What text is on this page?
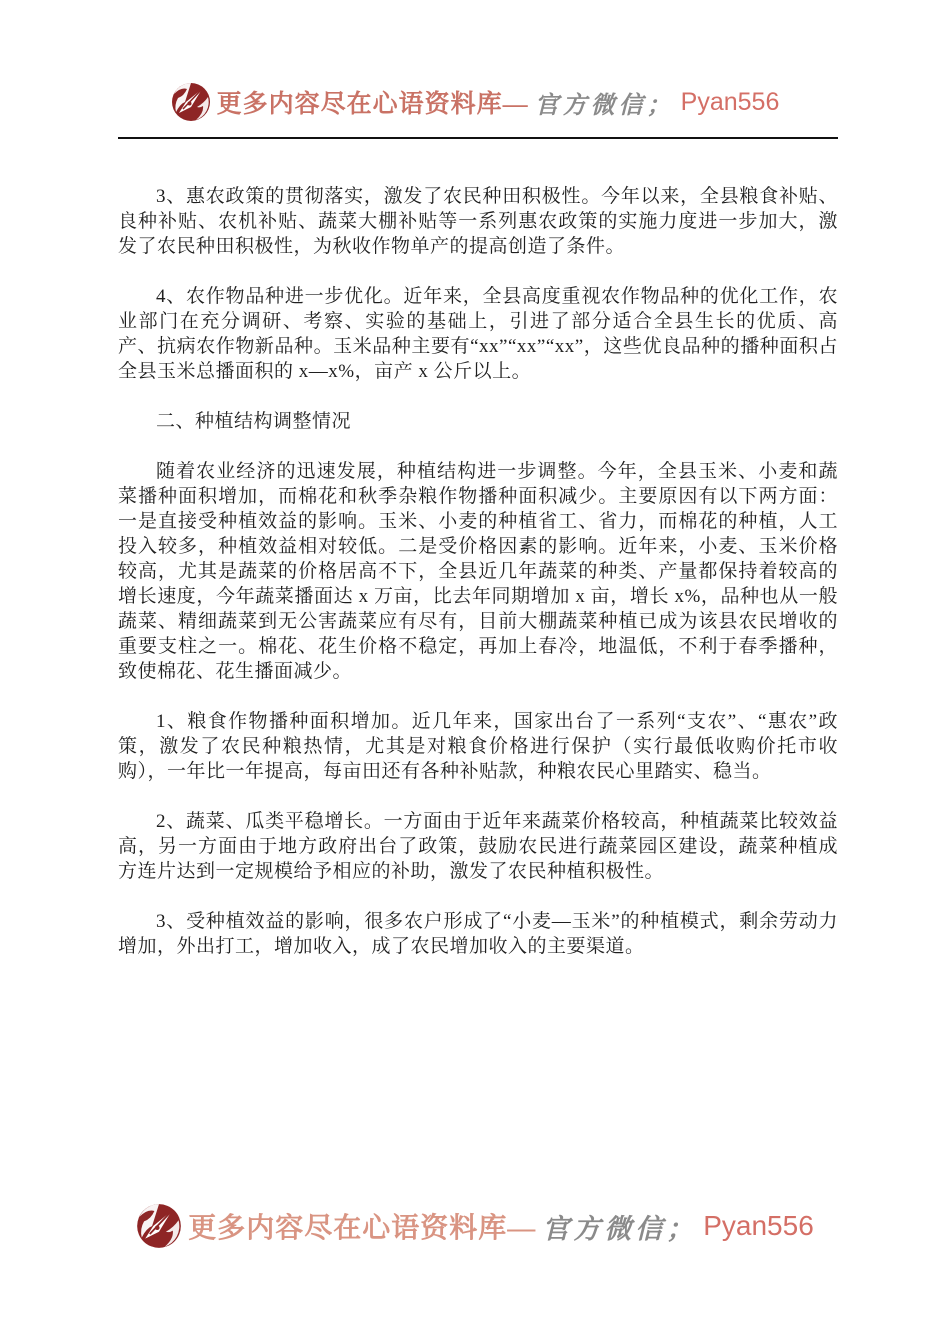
更多内容尽在心语资料库— 官方微信； Pyan556

3、惠农政策的贯彻落实，激发了农民种田积极性。今年以来，全县粮食补贴、良种补贴、农机补贴、蔬菜大棚补贴等一系列惠农政策的实施力度进一步加大，激发了农民种田积极性，为秋收作物单产的提高创造了条件。

4、农作物品种进一步优化。近年来，全县高度重视农作物品种的优化工作，农业部门在充分调研、考察、实验的基础上，引进了部分适合全县生长的优质、高产、抗病农作物新品种。玉米品种主要有“xx”“xx”“xx”，这些优良品种的播种面积占全县玉米总播面积的 x—x%，亩产 x 公斤以上。

二、种植结构调整情况

随着农业经济的迅速发展，种植结构进一步调整。今年，全县玉米、小麦和蔬菜播种面积增加，而棉花和秋季杂粮作物播种面积减少。主要原因有以下两方面：一是直接受种植效益的影响。玉米、小麦的种植省工、省力，而棉花的种植，人工投入较多，种植效益相对较低。二是受价格因素的影响。近年来，小麦、玉米价格较高，尤其是蔬菜的价格居高不下，全县近几年蔬菜的种类、产量都保持着较高的增长速度，今年蔬菜播面达 x 万亩，比去年同期增加 x 亩，增长 x%，品种也从一般蔬菜、精细蔬菜到无公害蔬菜应有尽有，目前大棚蔬菜种植已成为该县农民增收的重要支柱之一。棉花、花生价格不稳定，再加上春冷，地温低，不利于春季播种，致使棉花、花生播面减少。

1、粮食作物播种面积增加。近几年来，国家出台了一系列“支农”、“惠农”政策，激发了农民种粮热情，尤其是对粮食价格进行保护（实行最低收购价托市收购），一年比一年提高，每亩田还有各种补贴款，种粮农民心里踏实、稳当。

2、蔬菜、瓜类平稳增长。一方面由于近年来蔬菜价格较高，种植蔬菜比较效益高，另一方面由于地方政府出台了政策，鼓励农民进行蔬菜园区建设，蔬菜种植成方连片达到一定规模给予相应的补助，激发了农民种植积极性。

3、受种植效益的影响，很多农户形成了“小麦—玉米”的种植模式，剩余劳动力增加，外出打工，增加收入，成了农民增加收入的主要渠道。

更多内容尽在心语资料库— 官方微信； Pyan556
